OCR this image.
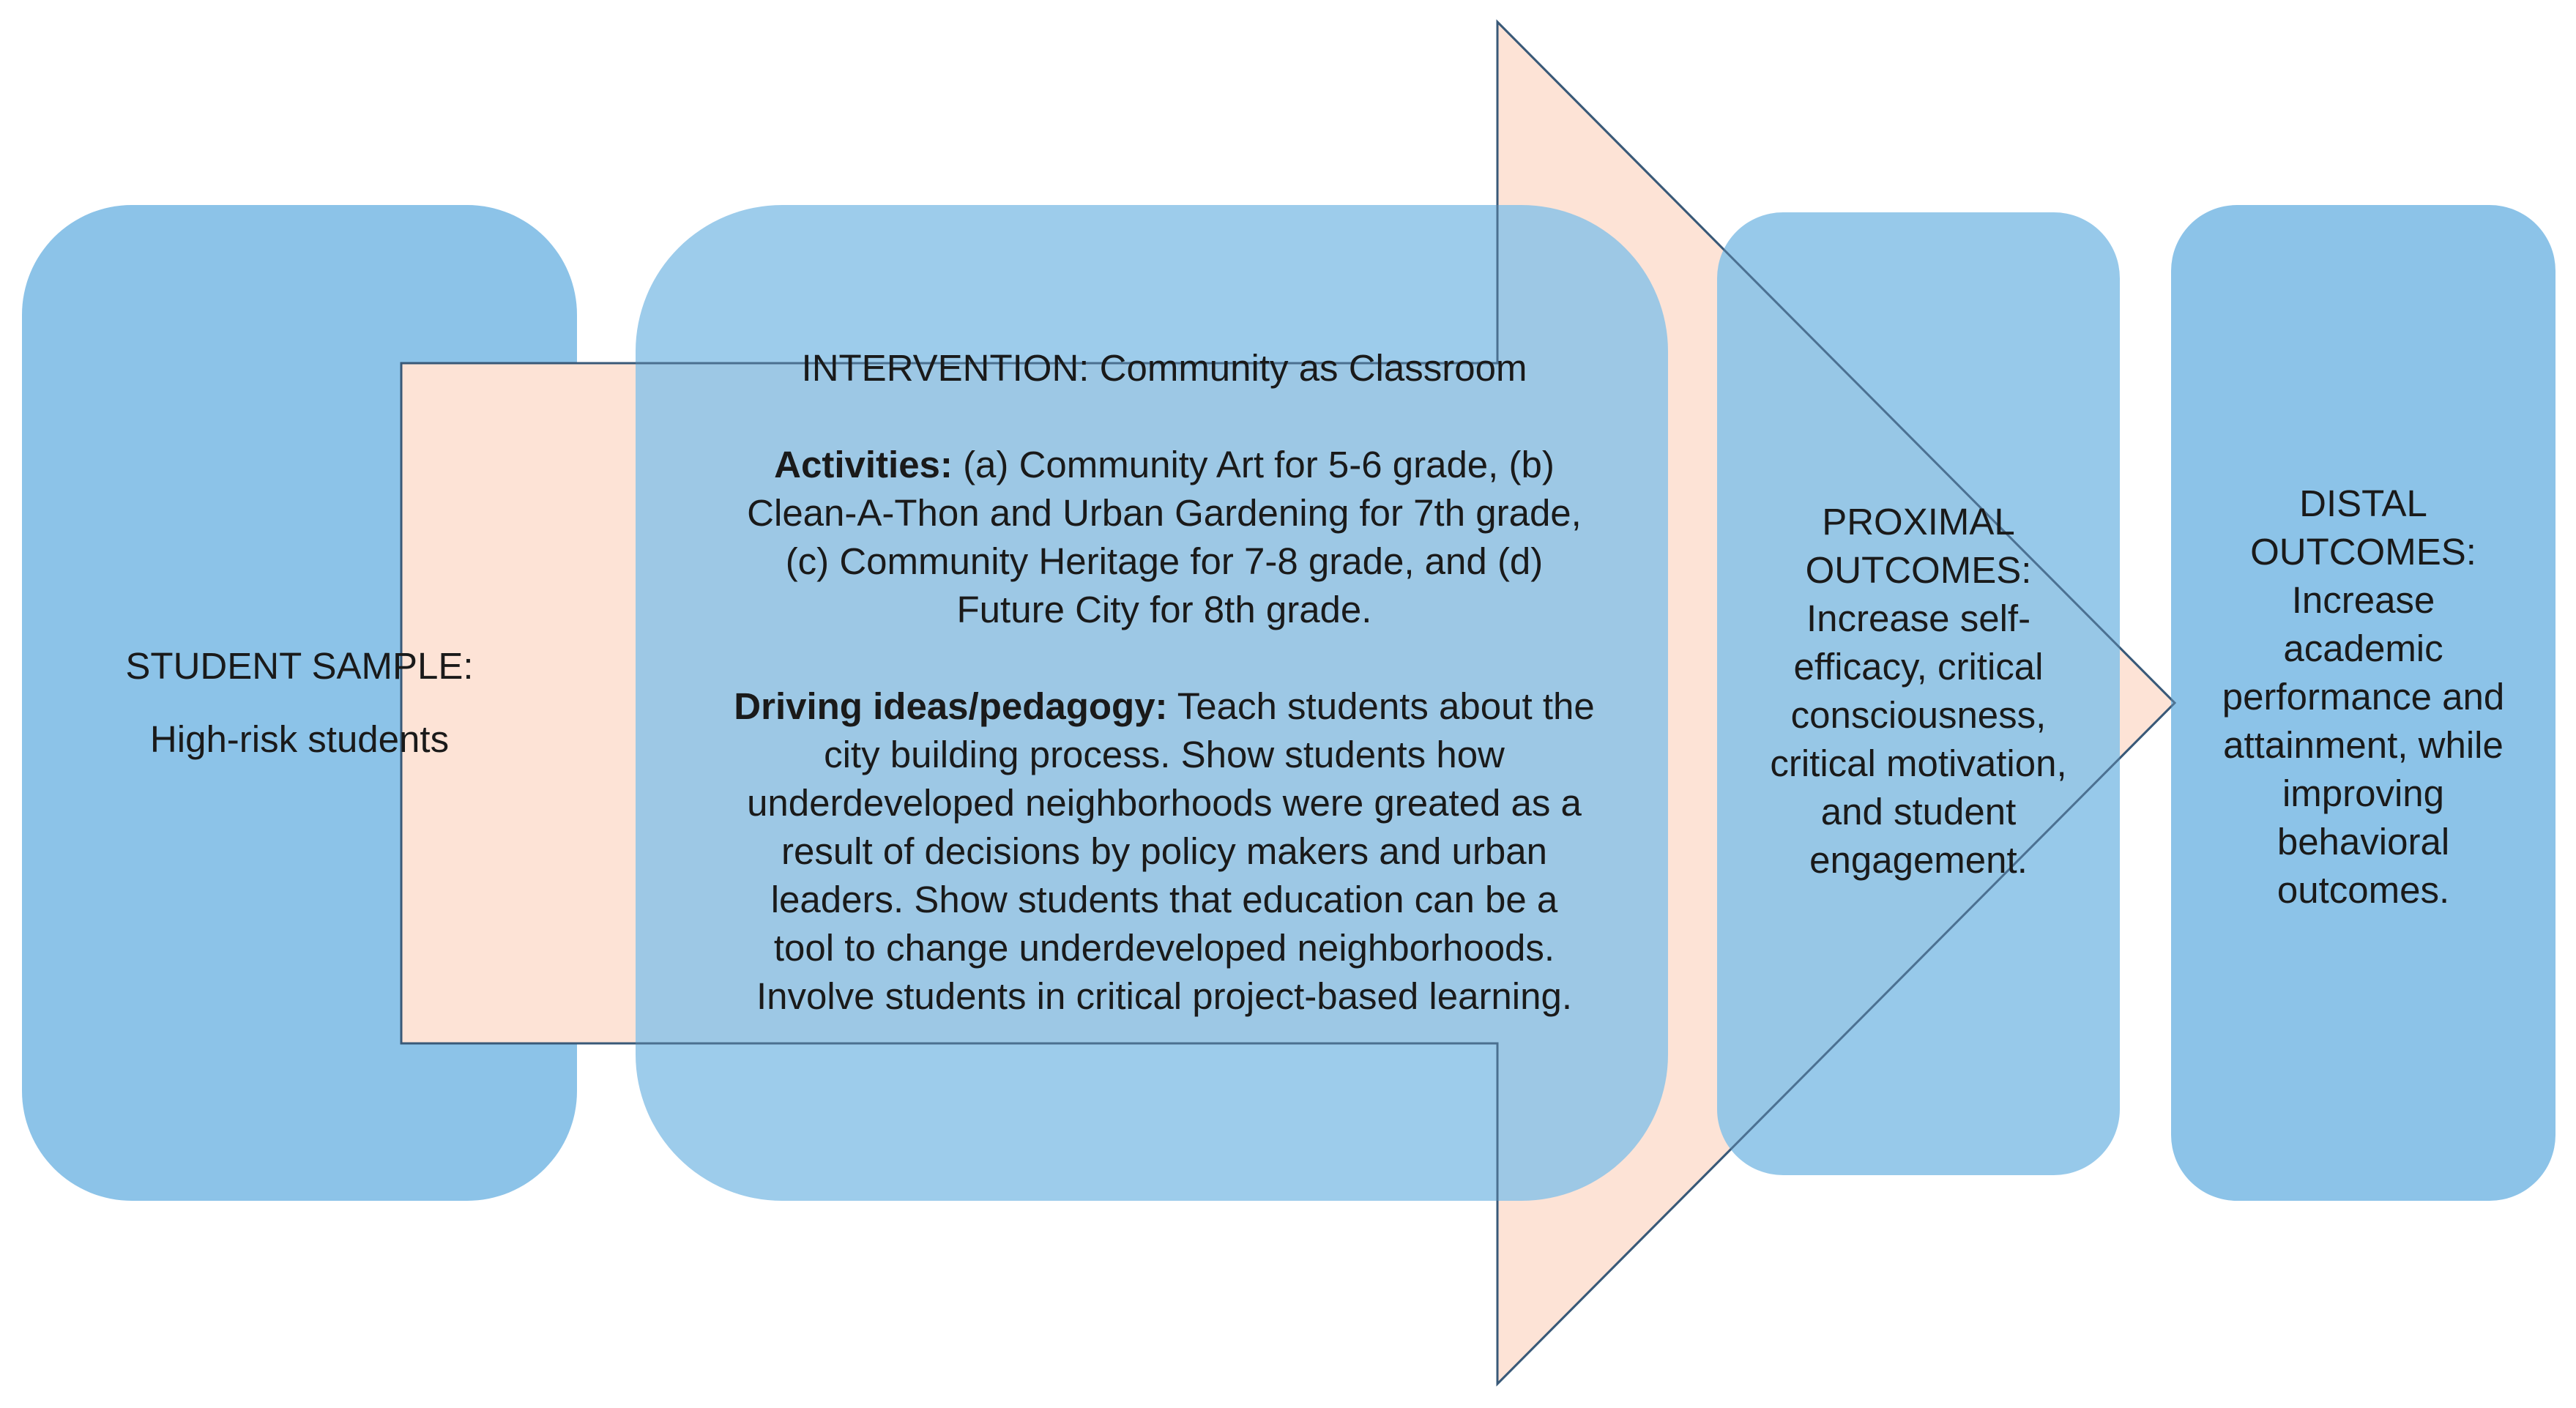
STUDENT SAMPLE:
High-risk students

INTERVENTION: Community as Classroom

Activities: (a) Community Art for 5-6 grade, (b)
Clean-A-Thon and Urban Gardening for 7th grade,
(c) Community Heritage for 7-8 grade, and (d)
Future City for 8th grade.

Driving ideas/pedagogy: Teach students about the
city building process. Show students how
underdeveloped neighborhoods were greated as a
result of decisions by policy makers and urban
leaders. Show students that education can be a
tool to change underdeveloped neighborhoods.
Involve students in critical project-based learning.

PROXIMAL
OUTCOMES:
Increase self-
efficacy, critical
consciousness,
critical motivation,
and student
engagement.
DISTAL
OUTCOMES:
Increase
academic
performance and
attainment, while
improving
behavioral
outcomes.
